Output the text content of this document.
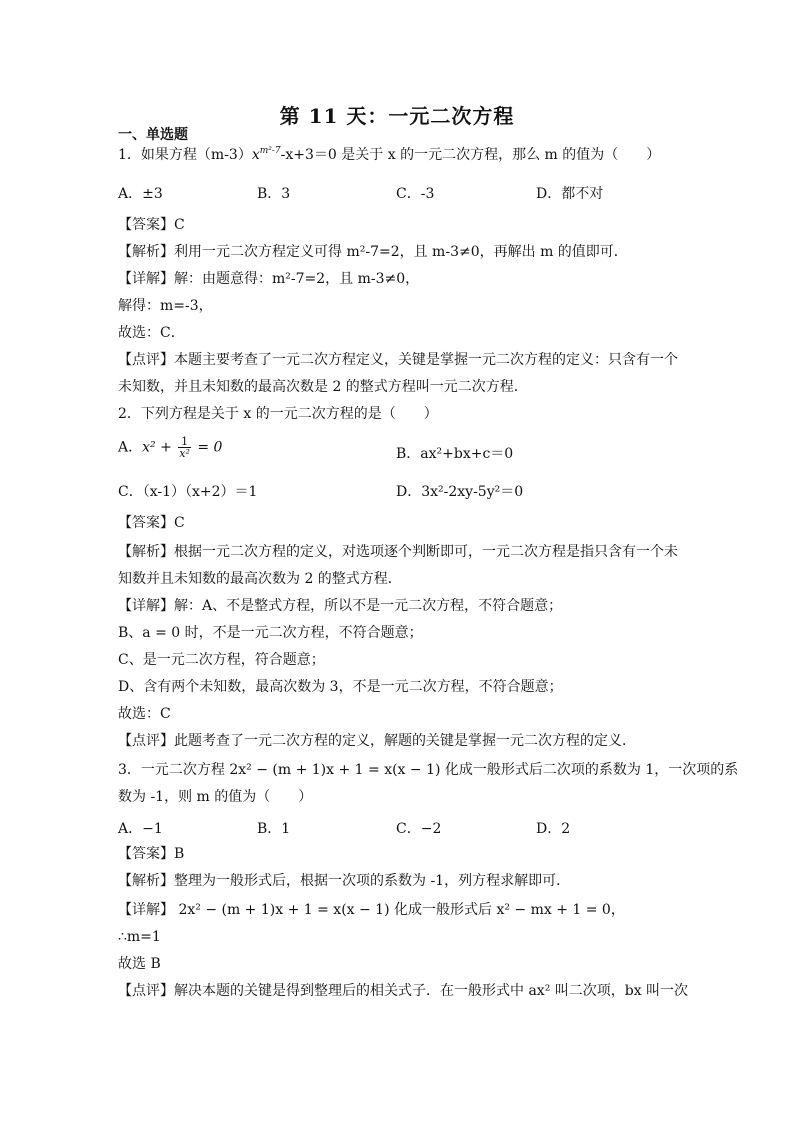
第 11 天：一元二次方程
一、单选题
1．如果方程$(m-3)x^{m^2-7}-x+3=0$ 是关于 x 的一元二次方程，那么 m 的值为（　　）
A．±3	B．3	C．-3	D．都不对
【答案】C
【解析】利用一元二次方程定义可得 m²-7=2，且 m-3≠0，再解出 m 的值即可．
【详解】解：由题意得：m²-7=2，且 m-3≠0，
解得：m=-3，
故选：C．
【点评】本题主要考查了一元二次方程定义，关键是掌握一元二次方程的定义：只含有一个
未知数，并且未知数的最高次数是 2 的整式方程叫一元二次方程．
2．下列方程是关于 x 的一元二次方程的是（　　）
A．$x^2 + \frac{1}{\text{x²}} = 0$	B．ax²+bx+c＝0
C．（x-1）（x+2）＝1	D．3x²-2xy-5y²＝0
【答案】C
【解析】根据一元二次方程的定义，对选项逐个判断即可，一元二次方程是指只含有一个未
知数并且未知数的最高次数为 2 的整式方程．
【详解】解：A、不是整式方程，所以不是一元二次方程，不符合题意；
B、a = 0 时，不是一元二次方程，不符合题意；
C、是一元二次方程，符合题意；
D、含有两个未知数，最高次数为 3，不是一元二次方程，不符合题意；
故选：C
【点评】此题考查了一元二次方程的定义，解题的关键是掌握一元二次方程的定义．
3．一元二次方程 2x² − (m + 1)x + 1 = x(x − 1) 化成一般形式后二次项的系数为 1，一次项的系
数为 -1，则 m 的值为（　　）
A．−1	B．1	C．−2	D．2
【答案】B
【解析】整理为一般形式后，根据一次项的系数为 -1，列方程求解即可．
【详解】 2x² − (m + 1)x + 1 = x(x − 1) 化成一般形式后 x² − mx + 1 = 0，
∴m=1
故选 B
【点评】解决本题的关键是得到整理后的相关式子．在一般形式中 ax² 叫二次项，bx 叫一次
